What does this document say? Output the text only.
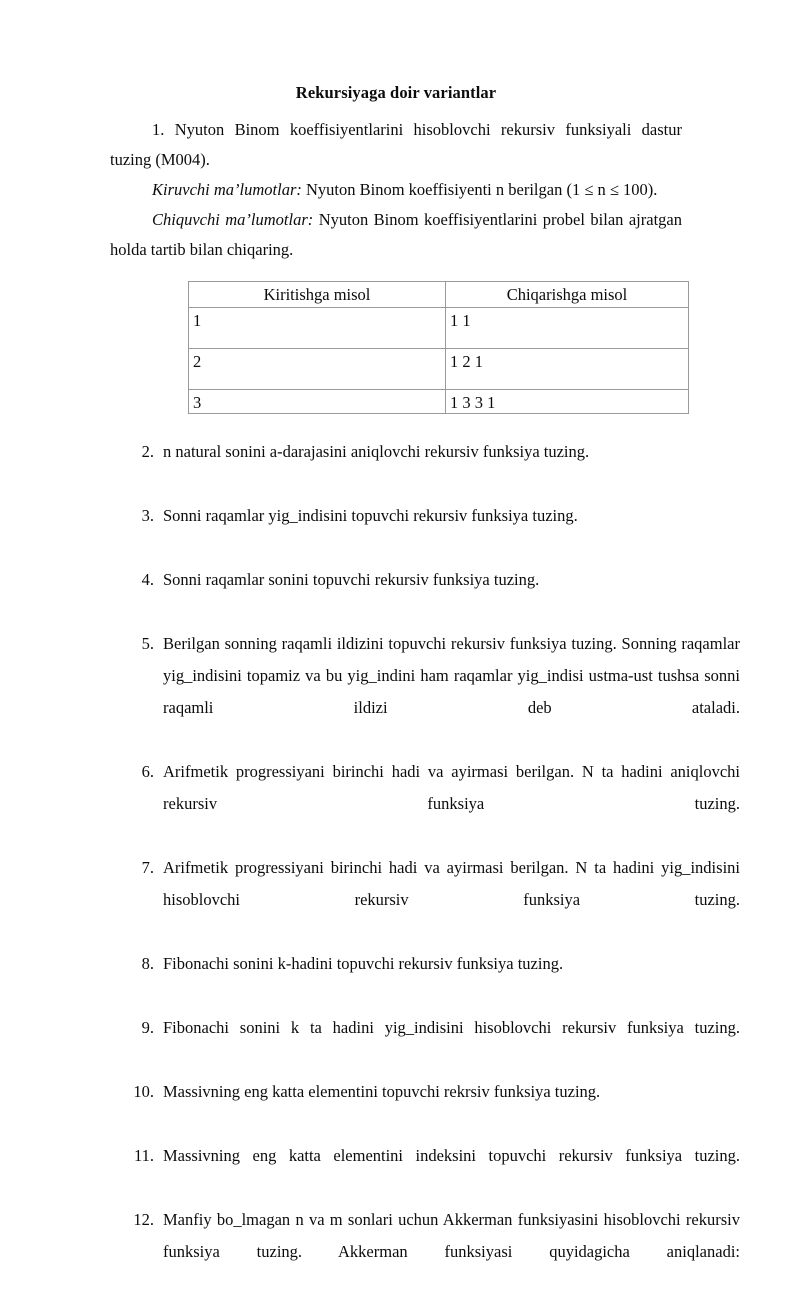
Rekursiyaga doir variantlar

1. Nyuton Binom koeffisiyentlarini hisoblovchi rekursiv funksiyali dastur tuzing (M004).

Kiruvchi ma’lumotlar: Nyuton Binom koeffisiyenti n berilgan (1 ≤ n ≤ 100).

Chiquvchi ma’lumotlar: Nyuton Binom koeffisiyentlarini probel bilan ajratgan holda tartib bilan chiqaring.

Kiritishga misol	Chiqarishga misol
1	1 1
2	1 2 1
3	1 3 3 1
2. n natural sonini a-darajasini aniqlovchi rekursiv funksiya tuzing.
3. Sonni raqamlar yig_indisini topuvchi rekursiv funksiya tuzing.
4. Sonni raqamlar sonini topuvchi rekursiv funksiya tuzing.
5. Berilgan sonning raqamli ildizini topuvchi rekursiv funksiya tuzing. Sonning raqamlar yig_indisini topamiz va bu yig_indini ham raqamlar yig_indisi ustma-ust tushsa sonni raqamli ildizi deb ataladi.
6. Arifmetik progressiyani birinchi hadi va ayirmasi berilgan. N ta hadini aniqlovchi rekursiv funksiya tuzing.
7. Arifmetik progressiyani birinchi hadi va ayirmasi berilgan. N ta hadini yig_indisini hisoblovchi rekursiv funksiya tuzing.
8. Fibonachi sonini k-hadini topuvchi rekursiv funksiya tuzing.
9. Fibonachi sonini k ta hadini yig_indisini hisoblovchi rekursiv funksiya tuzing.
10. Massivning eng katta elementini topuvchi rekrsiv funksiya tuzing.
11. Massivning eng katta elementini indeksini topuvchi rekursiv funksiya tuzing.
12. Manfiy bo_lmagan n va m sonlari uchun Akkerman funksiyasini hisoblovchi rekursiv funksiya tuzing. Akkerman funksiyasi quyidagicha aniqlanadi:
